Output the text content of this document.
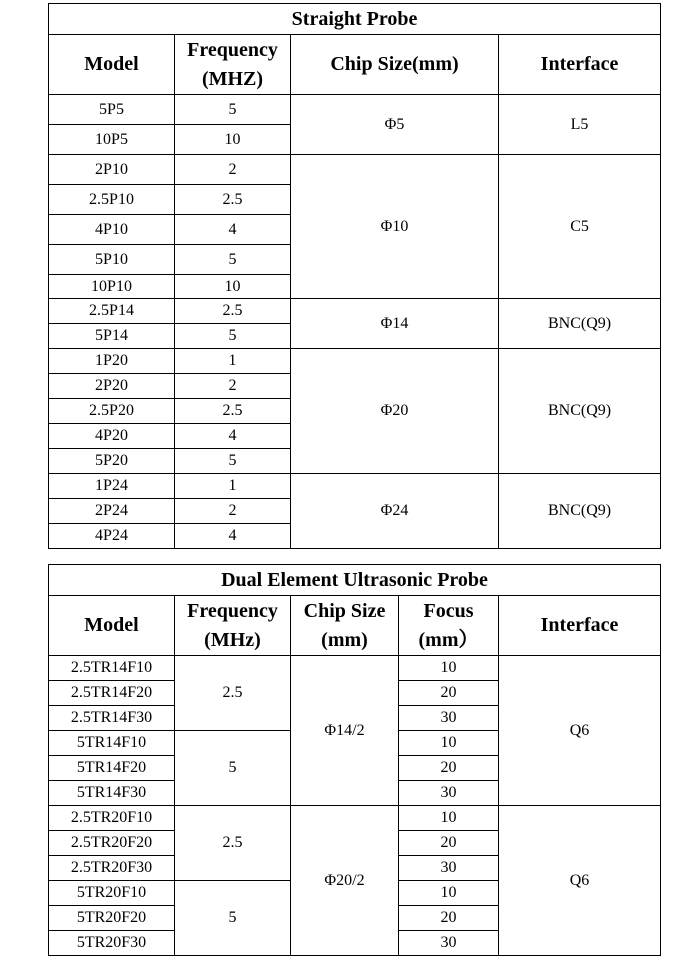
Straight Probe			
Model	Frequency (MHZ)	Chip Size(mm)	Interface
5P5	5	Φ5	L5
10P5	10		
2P10	2	Φ10	C5
2.5P10	2.5		
4P10	4		
5P10	5		
10P10	10		
2.5P14	2.5	Φ14	BNC(Q9)
5P14	5		
1P20	1	Φ20	BNC(Q9)
2P20	2		
2.5P20	2.5		
4P20	4		
5P20	5		
1P24	1	Φ24	BNC(Q9)
2P24	2		
4P24	4		
Dual Element Ultrasonic Probe				
Model	Frequency (MHz)	Chip Size (mm)	Focus (mm）	Interface
2.5TR14F10	2.5	Φ14/2	10	Q6
2.5TR14F20			20	
2.5TR14F30			30	
5TR14F10	5		10	
5TR14F20			20	
5TR14F30			30	
2.5TR20F10	2.5	Φ20/2	10	Q6
2.5TR20F20			20	
2.5TR20F30			30	
5TR20F10	5		10	
5TR20F20			20	
5TR20F30			30	
